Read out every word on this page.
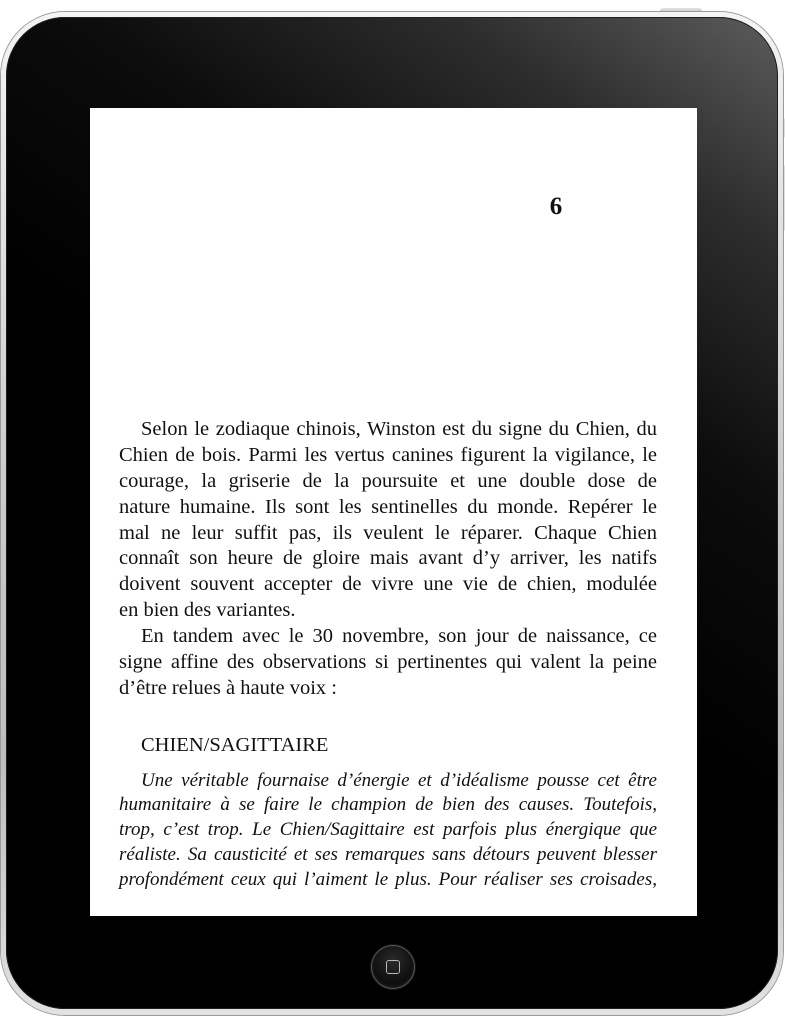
6
Selon le zodiaque chinois, Winston est du signe du Chien, du
Chien de bois. Parmi les vertus canines figurent la vigilance, le
courage, la griserie de la poursuite et une double dose de
nature humaine. Ils sont les sentinelles du monde. Repérer le
mal ne leur suffit pas, ils veulent le réparer. Chaque Chien
connaît son heure de gloire mais avant d’y arriver, les natifs
doivent souvent accepter de vivre une vie de chien, modulée
en bien des variantes.
En tandem avec le 30 novembre, son jour de naissance, ce
signe affine des observations si pertinentes qui valent la peine
d’être relues à haute voix :
CHIEN/SAGITTAIRE
Une véritable fournaise d’énergie et d’idéalisme pousse cet être
humanitaire à se faire le champion de bien des causes. Toutefois,
trop, c’est trop. Le Chien/Sagittaire est parfois plus énergique que
réaliste. Sa causticité et ses remarques sans détours peuvent blesser
profondément ceux qui l’aiment le plus. Pour réaliser ses croisades,
